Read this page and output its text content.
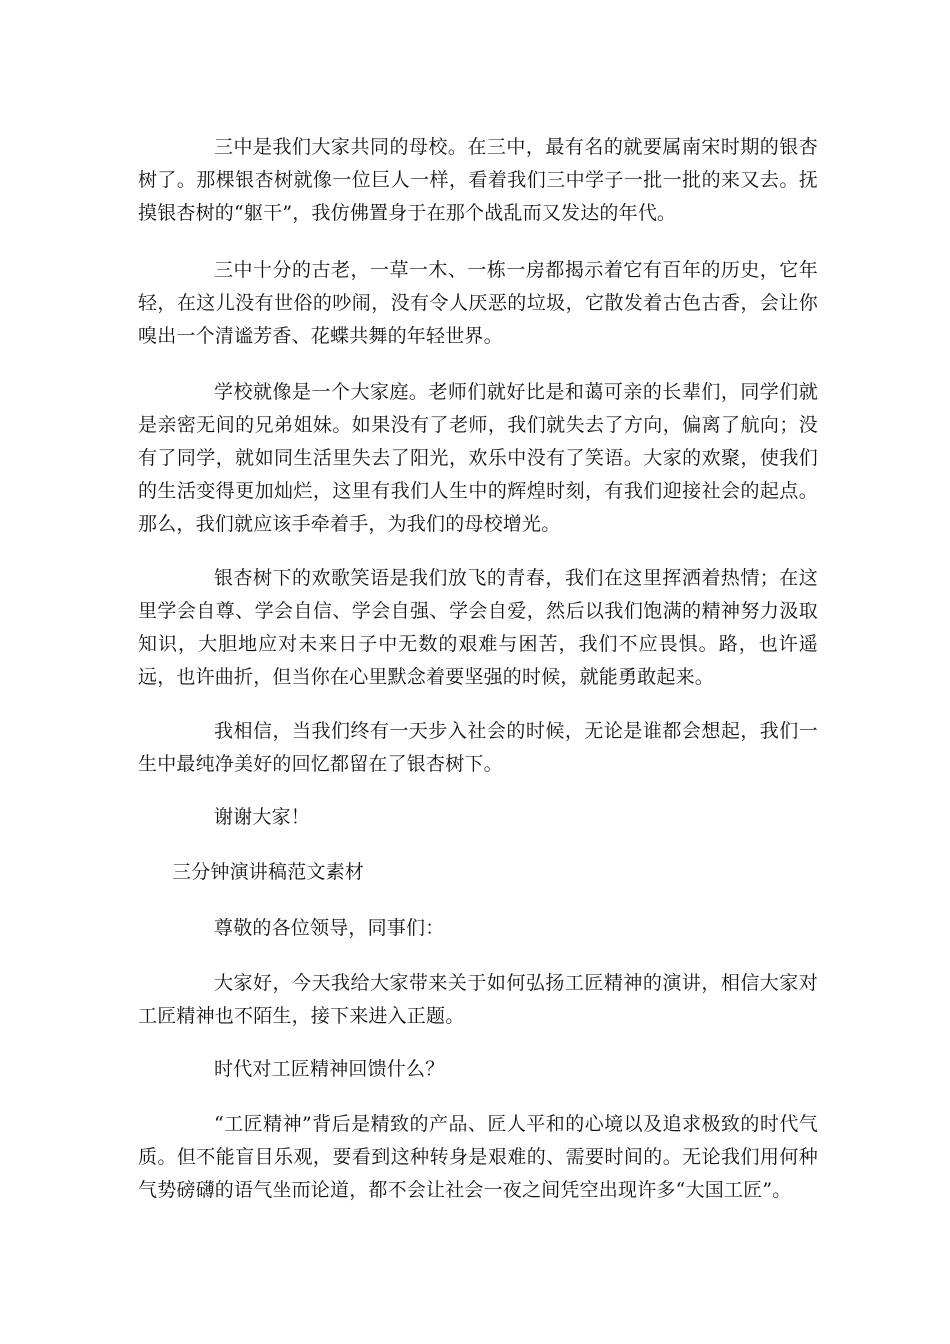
三中是我们大家共同的母校。在三中，最有名的就要属南宋时期的银杏树了。那棵银杏树就像一位巨人一样，看着我们三中学子一批一批的来又去。抚摸银杏树的“躯干”，我仿佛置身于在那个战乱而又发达的年代。

三中十分的古老，一草一木、一栋一房都揭示着它有百年的历史，它年轻，在这儿没有世俗的吵闹，没有令人厌恶的垃圾，它散发着古色古香，会让你嗅出一个清谧芳香、花蝶共舞的年轻世界。

学校就像是一个大家庭。老师们就好比是和蔼可亲的长辈们，同学们就是亲密无间的兄弟姐妹。如果没有了老师，我们就失去了方向，偏离了航向；没有了同学，就如同生活里失去了阳光，欢乐中没有了笑语。大家的欢聚，使我们的生活变得更加灿烂，这里有我们人生中的辉煌时刻，有我们迎接社会的起点。那么，我们就应该手牵着手，为我们的母校增光。

银杏树下的欢歌笑语是我们放飞的青春，我们在这里挥洒着热情；在这里学会自尊、学会自信、学会自强、学会自爱，然后以我们饱满的精神努力汲取知识，大胆地应对未来日子中无数的艰难与困苦，我们不应畏惧。路，也许遥远，也许曲折，但当你在心里默念着要坚强的时候，就能勇敢起来。

我相信，当我们终有一天步入社会的时候，无论是谁都会想起，我们一生中最纯净美好的回忆都留在了银杏树下。

谢谢大家！

三分钟演讲稿范文素材

尊敬的各位领导，同事们：

大家好，今天我给大家带来关于如何弘扬工匠精神的演讲，相信大家对工匠精神也不陌生，接下来进入正题。

时代对工匠精神回馈什么？

“工匠精神”背后是精致的产品、匠人平和的心境以及追求极致的时代气质。但不能盲目乐观，要看到这种转身是艰难的、需要时间的。无论我们用何种气势磅礴的语气坐而论道，都不会让社会一夜之间凭空出现许多“大国工匠”。
